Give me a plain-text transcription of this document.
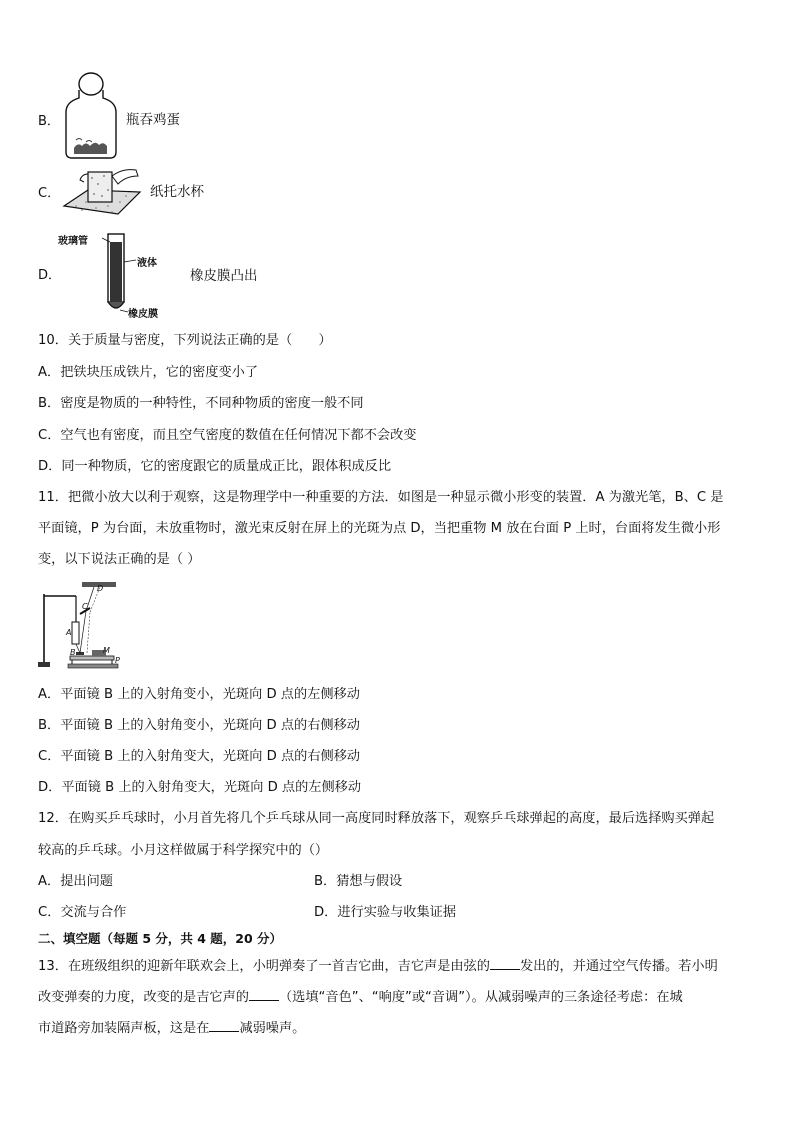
B．	瓶吞鸡蛋
C．	纸托水杯
D．
玻璃管
液体
橡皮膜
橡皮膜凸出
10．关于质量与密度，下列说法正确的是（　　）
A．把铁块压成铁片，它的密度变小了
B．密度是物质的一种特性，不同种物质的密度一般不同
C．空气也有密度，而且空气密度的数值在任何情况下都不会改变
D．同一种物质，它的密度跟它的质量成正比，跟体积成反比
11．把微小放大以利于观察，这是物理学中一种重要的方法．如图是一种显示微小形变的装置．A 为激光笔，B、C 是
平面镜，P 为台面，未放重物时，激光束反射在屏上的光斑为点 D，当把重物 M 放在台面 P 上时，台面将发生微小形
变，以下说法正确的是（ ）
D
C
A
B	M
P
A．平面镜 B 上的入射角变小，光斑向 D 点的左侧移动
B．平面镜 B 上的入射角变小，光斑向 D 点的右侧移动
C．平面镜 B 上的入射角变大，光斑向 D 点的右侧移动
D．平面镜 B 上的入射角变大，光斑向 D 点的左侧移动
12．在购买乒乓球时，小月首先将几个乒乓球从同一高度同时释放落下，观察乒乓球弹起的高度，最后选择购买弹起
较高的乒乓球。小月这样做属于科学探究中的（）
A．提出问题	B．猜想与假设
C．交流与合作	D．进行实验与收集证据
二、填空题（每题 5 分，共 4 题，20 分）
13．在班级组织的迎新年联欢会上，小明弹奏了一首吉它曲，吉它声是由弦的 发出的，并通过空气传播。若小明
改变弹奏的力度，改变的是吉它声的 （选填“音色”、“响度”或“音调”）。从减弱噪声的三条途径考虑：在城
市道路旁加装隔声板，这是在 减弱噪声。
